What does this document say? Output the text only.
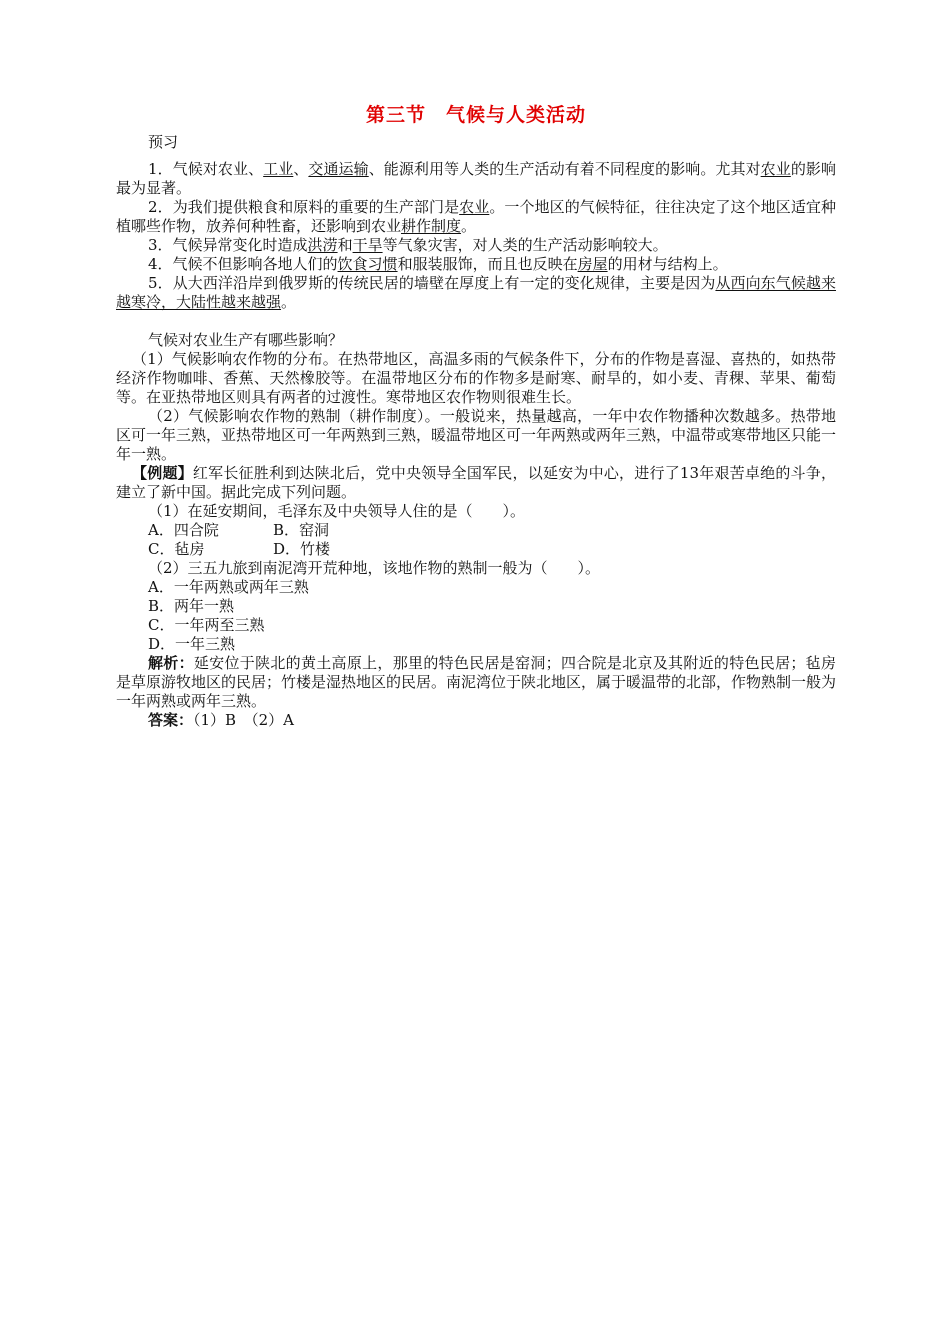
第三节　气候与人类活动
预习

1．气候对农业、工业、交通运输、能源利用等人类的生产活动有着不同程度的影响。尤其对农业的影响最为显著。

2．为我们提供粮食和原料的重要的生产部门是农业。一个地区的气候特征，往往决定了这个地区适宜种植哪些作物，放养何种牲畜，还影响到农业耕作制度。

3．气候异常变化时造成洪涝和干旱等气象灾害，对人类的生产活动影响较大。

4．气候不但影响各地人们的饮食习惯和服装服饰，而且也反映在房屋的用材与结构上。

5．从大西洋沿岸到俄罗斯的传统民居的墙壁在厚度上有一定的变化规律，主要是因为从西向东气候越来越寒冷，大陆性越来越强。

气候对农业生产有哪些影响？

（1）气候影响农作物的分布。在热带地区，高温多雨的气候条件下，分布的作物是喜湿、喜热的，如热带经济作物咖啡、香蕉、天然橡胶等。在温带地区分布的作物多是耐寒、耐旱的，如小麦、青稞、苹果、葡萄等。在亚热带地区则具有两者的过渡性。寒带地区农作物则很难生长。

（2）气候影响农作物的熟制（耕作制度）。一般说来，热量越高，一年中农作物播种次数越多。热带地区可一年三熟，亚热带地区可一年两熟到三熟，暖温带地区可一年两熟或两年三熟，中温带或寒带地区只能一年一熟。

【例题】红军长征胜利到达陕北后，党中央领导全国军民，以延安为中心，进行了13年艰苦卓绝的斗争，建立了新中国。据此完成下列问题。

（1）在延安期间，毛泽东及中央领导人住的是（　　）。

A．四合院	B．窑洞
C．毡房	D．竹楼

（2）三五九旅到南泥湾开荒种地，该地作物的熟制一般为（　　）。

A．一年两熟或两年三熟
B．两年一熟
C．一年两至三熟
D．一年三熟

解析：延安位于陕北的黄土高原上，那里的特色民居是窑洞；四合院是北京及其附近的特色民居；毡房是草原游牧地区的民居；竹楼是湿热地区的民居。南泥湾位于陕北地区，属于暖温带的北部，作物熟制一般为一年两熟或两年三熟。

答案：（1）B　（2）A
